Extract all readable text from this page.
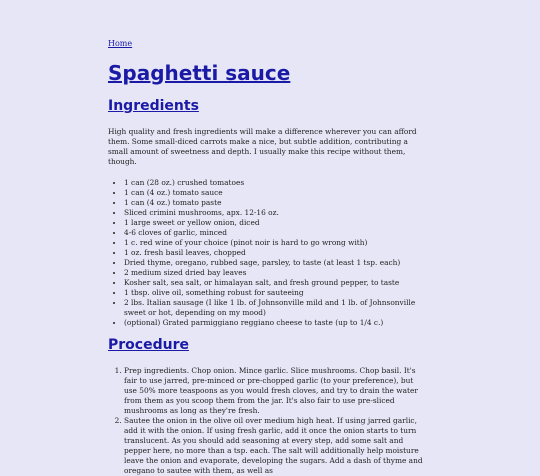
Home
Spaghetti sauce
Ingredients

High quality and fresh ingredients will make a difference wherever you can afford them. Some small-diced carrots make a nice, but subtle addition, contributing a small amount of sweetness and depth. I usually make this recipe without them, though.

• 1 can (28 oz.) crushed tomatoes
• 1 can (4 oz.) tomato sauce
• 1 can (4 oz.) tomato paste
• Sliced crimini mushrooms, apx. 12-16 oz.
• 1 large sweet or yellow onion, diced
• 4-6 cloves of garlic, minced
• 1 c. red wine of your choice (pinot noir is hard to go wrong with)
• 1 oz. fresh basil leaves, chopped
• Dried thyme, oregano, rubbed sage, parsley, to taste (at least 1 tsp. each)
• 2 medium sized dried bay leaves
• Kosher salt, sea salt, or himalayan salt, and fresh ground pepper, to taste
• 1 tbsp. olive oil, something robust for sauteeing
• 2 lbs. Italian sausage (I like 1 lb. of Johnsonville mild and 1 lb. of Johnsonville sweet or hot, depending on my mood)
• (optional) Grated parmiggiano reggiano cheese to taste (up to 1/4 c.)
Procedure
1. Prep ingredients. Chop onion. Mince garlic. Slice mushrooms. Chop basil. It's fair to use jarred, pre-minced or pre-chopped garlic (to your preference), but use 50% more teaspoons as you would fresh cloves, and try to drain the water from them as you scoop them from the jar. It's also fair to use pre-sliced mushrooms as long as they're fresh.
2. Sautee the onion in the olive oil over medium high heat. If using jarred garlic, add it with the onion. If using fresh garlic, add it once the onion starts to turn translucent. As you should add seasoning at every step, add some salt and pepper here, no more than a tsp. each. The salt will additionally help moisture leave the onion and evaporate, developing the sugars. Add a dash of thyme and oregano to sautee with them, as well as
